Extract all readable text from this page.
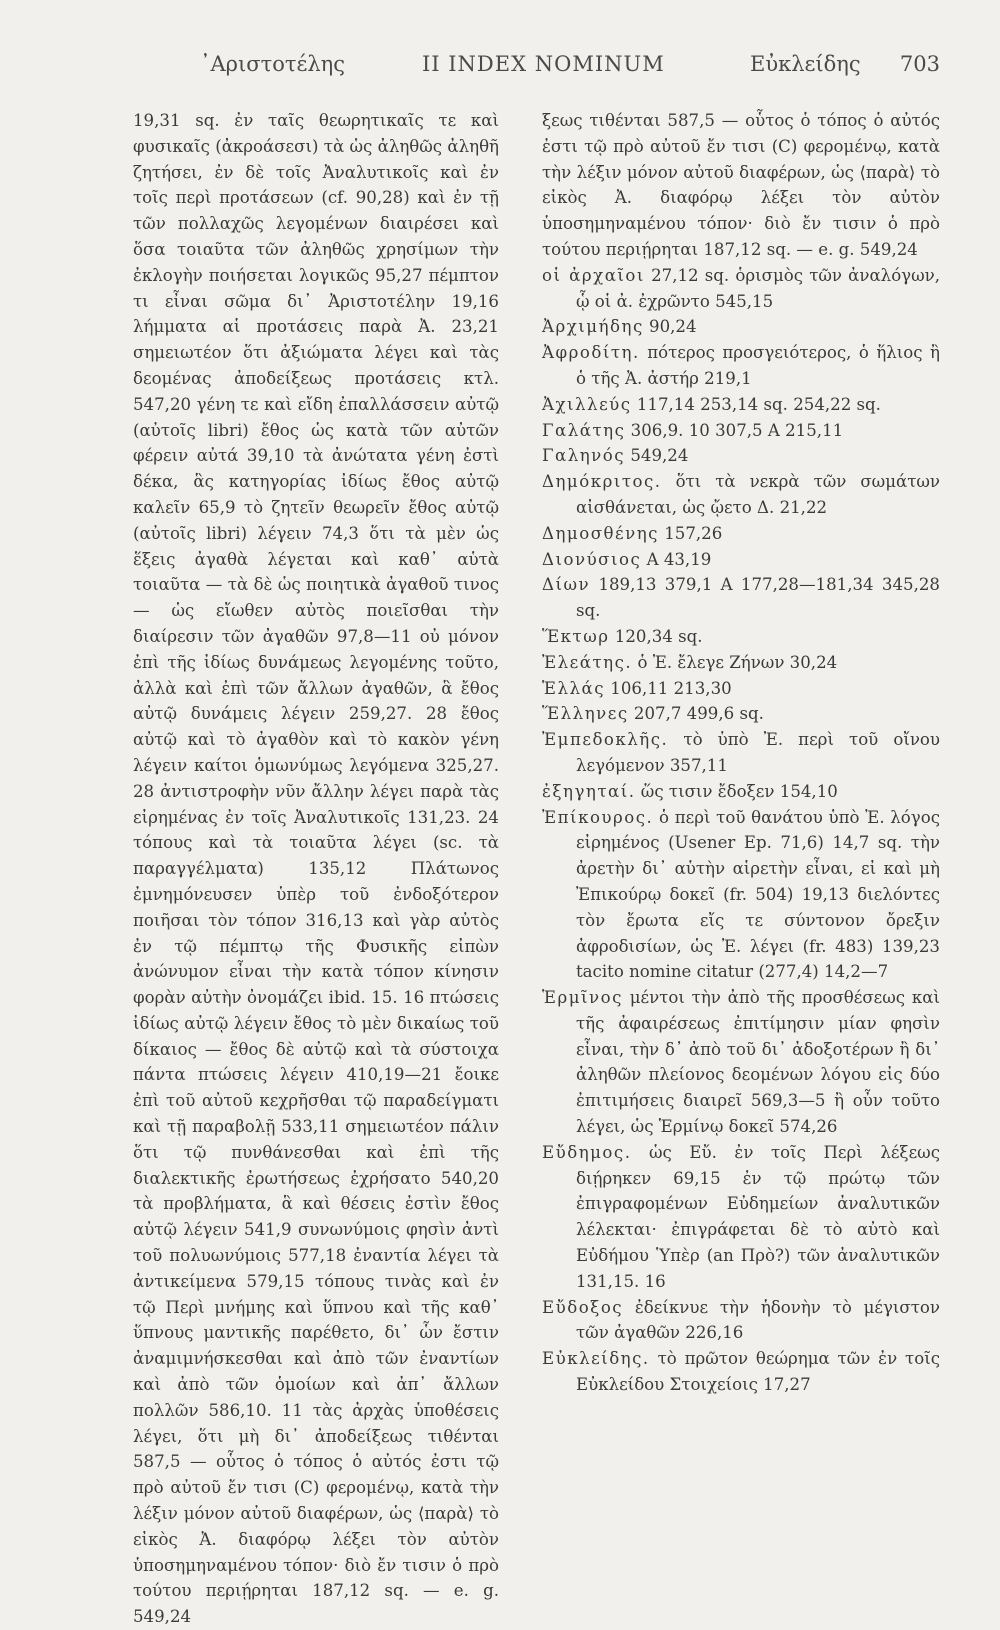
᾿Αριστοτέλης	II INDEX NOMINUM	Εὐκλείδης 703

19,31 sq. ἐν ταῖς θεωρητικαῖς τε καὶ φυσικαῖς (ἀκροάσεσι) τὰ ὡς ἀληθῶς ἀληθῆ ζητήσει, ἐν δὲ τοῖς Ἀναλυτικοῖς καὶ ἐν τοῖς περὶ προτάσεων (cf. 90,28) καὶ ἐν τῇ τῶν πολλαχῶς λεγομένων διαιρέσει καὶ ὅσα τοιαῦτα τῶν ἀληθῶς χρησίμων τὴν ἐκλογὴν ποιήσεται λογικῶς 95,27 πέμπτον τι εἶναι σῶμα δι᾿ Ἀριστοτέλην 19,16 λήμματα αἱ προτάσεις παρὰ Ἀ. 23,21 σημειωτέον ὅτι ἀξιώματα λέγει καὶ τὰς δεομένας ἀποδείξεως προτάσεις κτλ. 547,20 γένη τε καὶ εἴδη ἐπαλλάσσειν αὐτῷ (αὐτοῖς libri) ἔθος ὡς κατὰ τῶν αὐτῶν φέρειν αὐτά 39,10 τὰ ἀνώτατα γένη ἐστὶ δέκα, ἃς κατηγορίας ἰδίως ἔθος αὐτῷ καλεῖν 65,9 τὸ ζητεῖν θεωρεῖν ἔθος αὐτῷ (αὐτοῖς libri) λέγειν 74,3 ὅτι τὰ μὲν ὡς ἕξεις ἀγαθὰ λέγεται καὶ καθ᾿ αὑτὰ τοιαῦτα — τὰ δὲ ὡς ποιητικὰ ἀγαθοῦ τινος — ὡς εἴωθεν αὐτὸς ποιεῖσθαι τὴν διαίρεσιν τῶν ἀγαθῶν 97,8—11 οὐ μόνον ἐπὶ τῆς ἰδίως δυνάμεως λεγομένης τοῦτο, ἀλλὰ καὶ ἐπὶ τῶν ἄλλων ἀγαθῶν, ἃ ἔθος αὐτῷ δυνάμεις λέγειν 259,27. 28 ἔθος αὐτῷ καὶ τὸ ἀγαθὸν καὶ τὸ κακὸν γένη λέγειν καίτοι ὁμωνύμως λεγόμενα 325,27. 28 ἀντιστροφὴν νῦν ἄλλην λέγει παρὰ τὰς εἰρημένας ἐν τοῖς Ἀναλυτικοῖς 131,23. 24 τόπους καὶ τὰ τοιαῦτα λέγει (sc. τὰ παραγγέλματα) 135,12 Πλάτωνος ἐμνημόνευσεν ὑπὲρ τοῦ ἐνδοξότερον ποιῆσαι τὸν τόπον 316,13 καὶ γὰρ αὐτὸς ἐν τῷ πέμπτῳ τῆς Φυσικῆς εἰπὼν ἀνώνυμον εἶναι τὴν κατὰ τόπον κίνησιν φορὰν αὐτὴν ὀνομάζει ibid. 15. 16 πτώσεις ἰδίως αὐτῷ λέγειν ἔθος τὸ μὲν δικαίως τοῦ δίκαιος — ἔθος δὲ αὐτῷ καὶ τὰ σύστοιχα πάντα πτώσεις λέγειν 410,19—21 ἔοικε ἐπὶ τοῦ αὐτοῦ κεχρῆσθαι τῷ παραδείγματι καὶ τῇ παραβολῇ 533,11 σημειωτέον πάλιν ὅτι τῷ πυνθάνεσθαι καὶ ἐπὶ τῆς διαλεκτικῆς ἐρωτήσεως ἐχρήσατο 540,20 τὰ προβλήματα, ἃ καὶ θέσεις ἐστὶν ἔθος αὐτῷ λέγειν 541,9 συνωνύμοις φησὶν ἀντὶ τοῦ πολυωνύμοις 577,18 ἐναντία λέγει τὰ ἀντικείμενα 579,15 τόπους τινὰς καὶ ἐν τῷ Περὶ μνήμης καὶ ὕπνου καὶ τῆς καθ᾿ ὕπνους μαντικῆς παρέθετο, δι᾿ ὧν ἔστιν ἀναμιμνήσκεσθαι καὶ ἀπὸ τῶν ἐναντίων καὶ ἀπὸ τῶν ὁμοίων καὶ ἀπ᾿ ἄλλων πολλῶν 586,10. 11 τὰς ἀρχὰς ὑποθέσεις λέγει, ὅτι μὴ δι᾿ ἀποδείξεως τιθένται 587,5 — οὗτος ὁ τόπος ὁ αὐτός ἐστι τῷ πρὸ αὐτοῦ ἔν τισι (C) φερομένῳ, κατὰ τὴν λέξιν μόνον αὐτοῦ διαφέρων, ὡς ⟨παρὰ⟩ τὸ εἰκὸς Ἀ. διαφόρῳ λέξει τὸν αὐτὸν ὑποσημηναμένου τόπον· διὸ ἔν τισιν ὁ πρὸ τούτου περιῄρηται 187,12 sq. — e. g. 549,24

ξεως τιθένται 587,5 — οὗτος ὁ τόπος ὁ αὐτός ἐστι τῷ πρὸ αὐτοῦ ἔν τισι (C) φερομένῳ, κατὰ τὴν λέξιν μόνον αὐτοῦ διαφέρων, ὡς ⟨παρὰ⟩ τὸ εἰκὸς Ἀ. διαφόρῳ λέξει τὸν αὐτὸν ὑποσημηναμένου τόπον· διὸ ἔν τισιν ὁ πρὸ τούτου περιῄρηται 187,12 sq. — e. g. 549,24

οἱ ἀρχαῖοι 27,12 sq. ὁρισμὸς τῶν ἀναλόγων, ᾧ οἱ ἀ. ἐχρῶντο 545,15

Ἀρχιμήδης 90,24

Ἀφροδίτη. πότερος προσγειότερος, ὁ ἥλιος ἢ ὁ τῆς Ἀ. ἀστήρ 219,1

Ἀχιλλεύς 117,14 253,14 sq. 254,22 sq.

Γαλάτης 306,9. 10 307,5 A 215,11

Γαληνός 549,24

Δημόκριτος. ὅτι τὰ νεκρὰ τῶν σωμάτων αἰσθάνεται, ὡς ᾤετο Δ. 21,22

Δημοσθένης 157,26

Διονύσιος A 43,19

Δίων 189,13 379,1 A 177,28—181,34 345,28 sq.

Ἕκτωρ 120,34 sq.

Ἐλεάτης. ὁ Ἐ. ἔλεγε Ζήνων 30,24

Ἑλλάς 106,11 213,30

Ἕλληνες 207,7 499,6 sq.

Ἐμπεδοκλῆς. τὸ ὑπὸ Ἐ. περὶ τοῦ οἴνου λεγόμενον 357,11

ἐξηγηταί. ὥς τισιν ἔδοξεν 154,10

Ἐπίκουρος. ὁ περὶ τοῦ θανάτου ὑπὸ Ἐ. λόγος εἰρημένος (Usener Ep. 71,6) 14,7 sq. τὴν ἀρετὴν δι᾿ αὑτὴν αἱρετὴν εἶναι, εἰ καὶ μὴ Ἐπικούρῳ δοκεῖ (fr. 504) 19,13 διελόντες τὸν ἔρωτα εἴς τε σύντονον ὄρεξιν ἀφροδισίων, ὡς Ἐ. λέγει (fr. 483) 139,23 tacito nomine citatur (277,4) 14,2—7

Ἑρμῖνος μέντοι τὴν ἀπὸ τῆς προσθέσεως καὶ τῆς ἀφαιρέσεως ἐπιτίμησιν μίαν φησὶν εἶναι, τὴν δ᾿ ἀπὸ τοῦ δι᾿ ἀδοξοτέρων ἢ δι᾿ ἀληθῶν πλείονος δεομένων λόγου εἰς δύο ἐπιτιμήσεις διαιρεῖ 569,3—5 ἢ οὖν τοῦτο λέγει, ὡς Ἑρμίνῳ δοκεῖ 574,26

Εὔδημος. ὡς Εὔ. ἐν τοῖς Περὶ λέξεως διῄρηκεν 69,15 ἐν τῷ πρώτῳ τῶν ἐπιγραφομένων Εὐδημείων ἀναλυτικῶν λέλεκται· ἐπιγράφεται δὲ τὸ αὐτὸ καὶ Εὐδήμου Ὑπὲρ (an Πρὸ?) τῶν ἀναλυτικῶν 131,15. 16

Εὔδοξος ἐδείκνυε τὴν ἡδονὴν τὸ μέγιστον τῶν ἀγαθῶν 226,16

Εὐκλείδης. τὸ πρῶτον θεώρημα τῶν ἐν τοῖς Εὐκλείδου Στοιχείοις 17,27
